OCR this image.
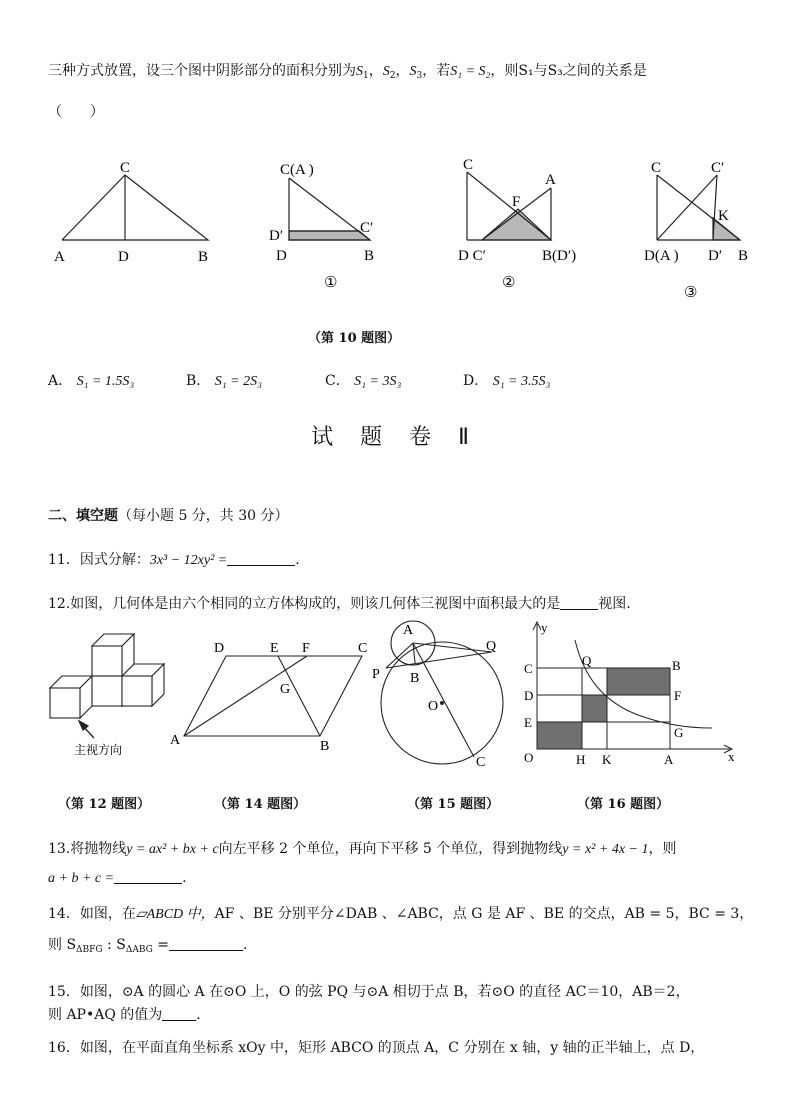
三种方式放置，设三个图中阴影部分的面积分别为$S_1$，$S_2$，$S_3$，若S₁ = S₂，则S₁与S₃之间的关系是
（　　）
C
A	D	B
C(A )
D′	C′
D	B
①
C
A
F
D C′	B(D′)
②
C	C′
K
D(A ) D′ B
③
（第 10 题图）
A． S₁ = 1.5S₃	B． S₁ = 2S₃	C． S₁ = 3S₃	D． S₁ = 3.5S₃
试 题 卷 Ⅱ
二、填空题（每小题 5 分，共 30 分）
11．因式分解：3x³ − 12xy² =	.
12.如图，几何体是由六个相同的立方体构成的，则该几何体三视图中面积最大的是	视图.
主视方向
D	E F	C
G
A	B
A
Q
P B
O
C
y
C
Q	B
D	F
E
G
O	H K	A	x
（第 12 题图）	（第 14 题图）	（第 15 题图）	（第 16 题图）
13.将抛物线y = ax² + bx + c向左平移 2 个单位，再向下平移 5 个单位，得到抛物线y = x² + 4x − 1，则
a + b + c =	.
14．如图，在▱ABCD 中，AF 、BE 分别平分∠DAB 、∠ABC，点 G 是 AF 、BE 的交点，AB = 5，BC = 3，
则 $S_{\Delta BFG}$ : $S_{\Delta ABG}$ =	.
15．如图，⊙A 的圆心 A 在⊙O 上，O 的弦 PQ 与⊙A 相切于点 B，若⊙O 的直径 AC＝10，AB＝2，
则 AP•AQ 的值为 .
16．如图，在平面直角坐标系 xOy 中，矩形 ABCO 的顶点 A，C 分别在 x 轴，y 轴的正半轴上，点 D，
